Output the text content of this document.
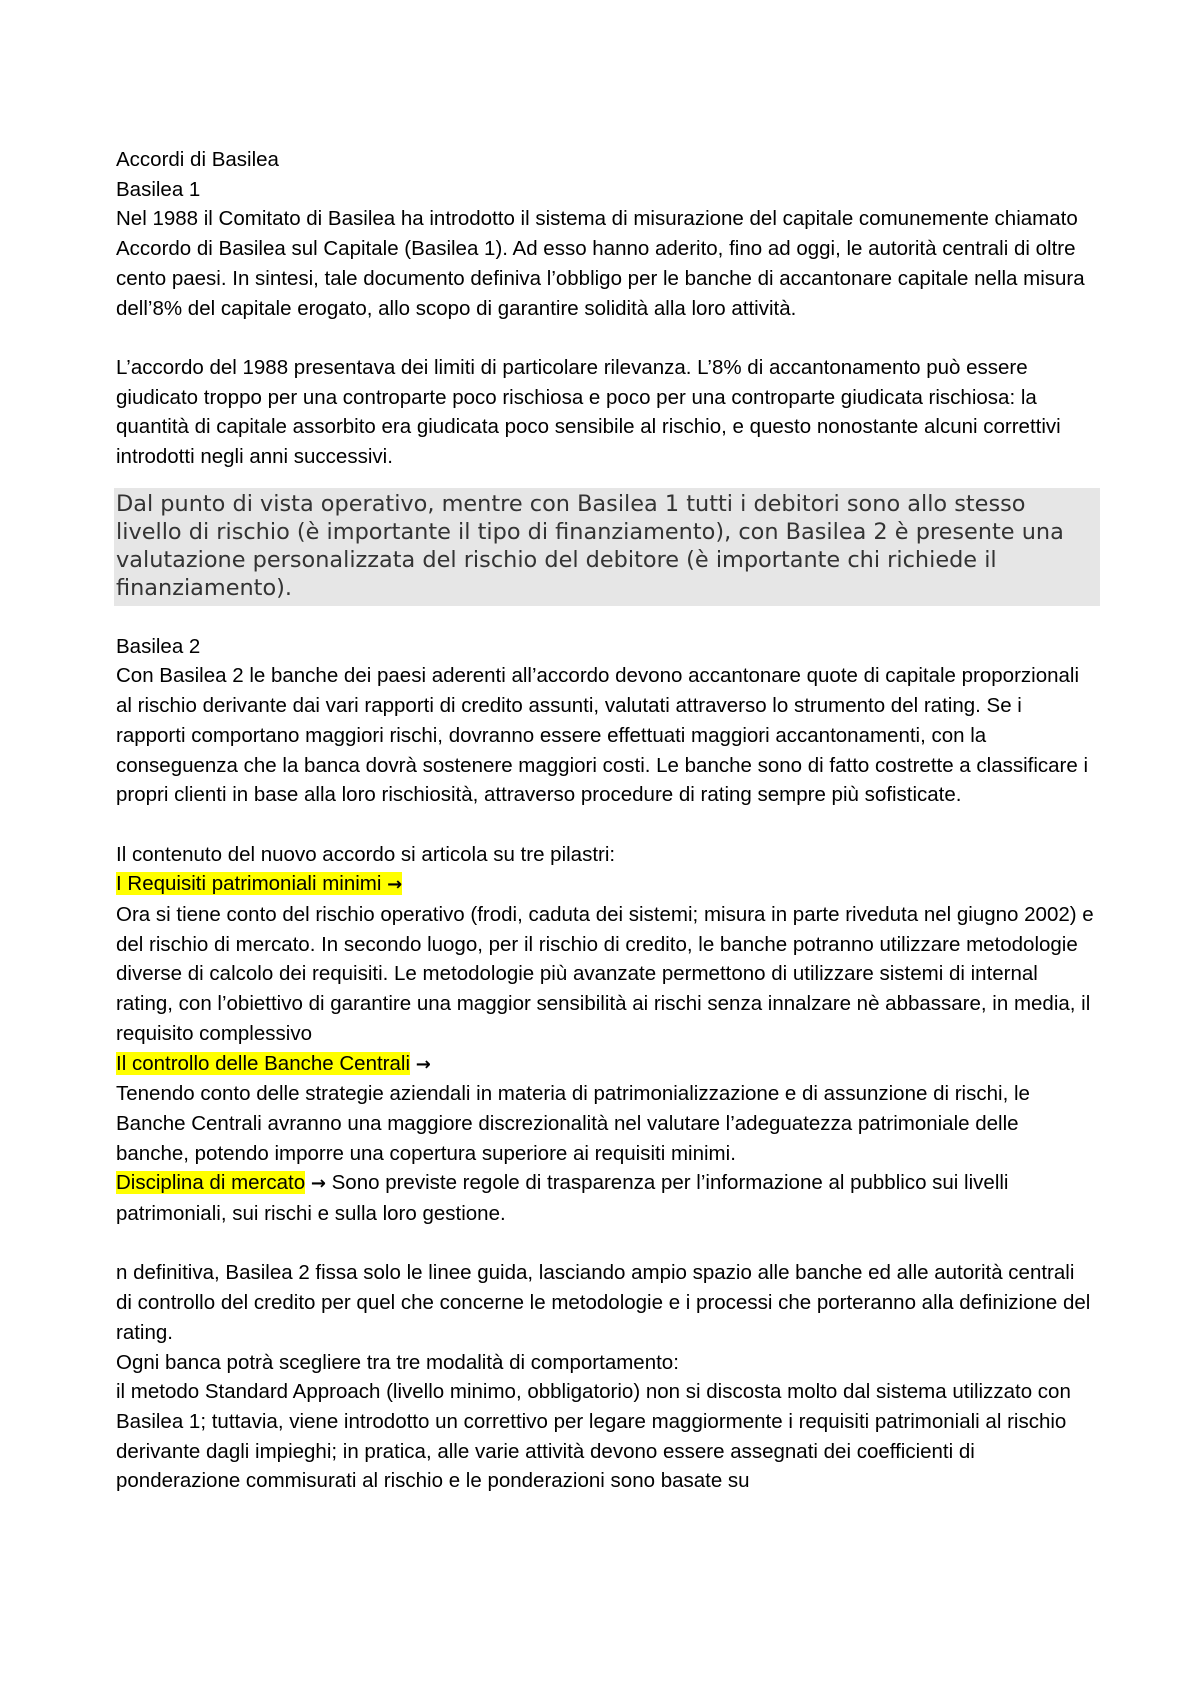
Accordi di Basilea

Basilea 1

Nel 1988 il Comitato di Basilea ha introdotto il sistema di misurazione del capitale comunemente chiamato Accordo di Basilea sul Capitale (Basilea 1). Ad esso hanno aderito, fino ad oggi, le autorità centrali di oltre cento paesi. In sintesi, tale documento definiva l’obbligo per le banche di accantonare capitale nella misura dell’8% del capitale erogato, allo scopo di garantire solidità alla loro attività.

L’accordo del 1988 presentava dei limiti di particolare rilevanza. L’8% di accantonamento può essere giudicato troppo per una controparte poco rischiosa e poco per una controparte giudicata rischiosa: la quantità di capitale assorbito era giudicata poco sensibile al rischio, e questo nonostante alcuni correttivi introdotti negli anni successivi.

Dal punto di vista operativo, mentre con Basilea 1 tutti i debitori sono allo stesso livello di rischio (è importante il tipo di finanziamento), con Basilea 2 è presente una valutazione personalizzata del rischio del debitore (è importante chi richiede il finanziamento).

Basilea 2

Con Basilea 2 le banche dei paesi aderenti all’accordo devono accantonare quote di capitale proporzionali al rischio derivante dai vari rapporti di credito assunti, valutati attraverso lo strumento del rating. Se i rapporti comportano maggiori rischi, dovranno essere effettuati maggiori accantonamenti, con la conseguenza che la banca dovrà sostenere maggiori costi. Le banche sono di fatto costrette a classificare i propri clienti in base alla loro rischiosità, attraverso procedure di rating sempre più sofisticate.

Il contenuto del nuovo accordo si articola su tre pilastri:

I Requisiti patrimoniali minimi →

Ora si tiene conto del rischio operativo (frodi, caduta dei sistemi; misura in parte riveduta nel giugno 2002) e del rischio di mercato. In secondo luogo, per il rischio di credito, le banche potranno utilizzare metodologie diverse di calcolo dei requisiti. Le metodologie più avanzate permettono di utilizzare sistemi di internal rating, con l’obiettivo di garantire una maggior sensibilità ai rischi senza innalzare nè abbassare, in media, il requisito complessivo

Il controllo delle Banche Centrali →

Tenendo conto delle strategie aziendali in materia di patrimonializzazione e di assunzione di rischi, le Banche Centrali avranno una maggiore discrezionalità nel valutare l’adeguatezza patrimoniale delle banche, potendo imporre una copertura superiore ai requisiti minimi.

Disciplina di mercato → Sono previste regole di trasparenza per l’informazione al pubblico sui livelli patrimoniali, sui rischi e sulla loro gestione.

n definitiva, Basilea 2 fissa solo le linee guida, lasciando ampio spazio alle banche ed alle autorità centrali di controllo del credito per quel che concerne le metodologie e i processi che porteranno alla definizione del rating.

Ogni banca potrà scegliere tra tre modalità di comportamento:

il metodo Standard Approach (livello minimo, obbligatorio) non si discosta molto dal sistema utilizzato con Basilea 1; tuttavia, viene introdotto un correttivo per legare maggiormente i requisiti patrimoniali al rischio derivante dagli impieghi; in pratica, alle varie attività devono essere assegnati dei coefficienti di ponderazione commisurati al rischio e le ponderazioni sono basate su
